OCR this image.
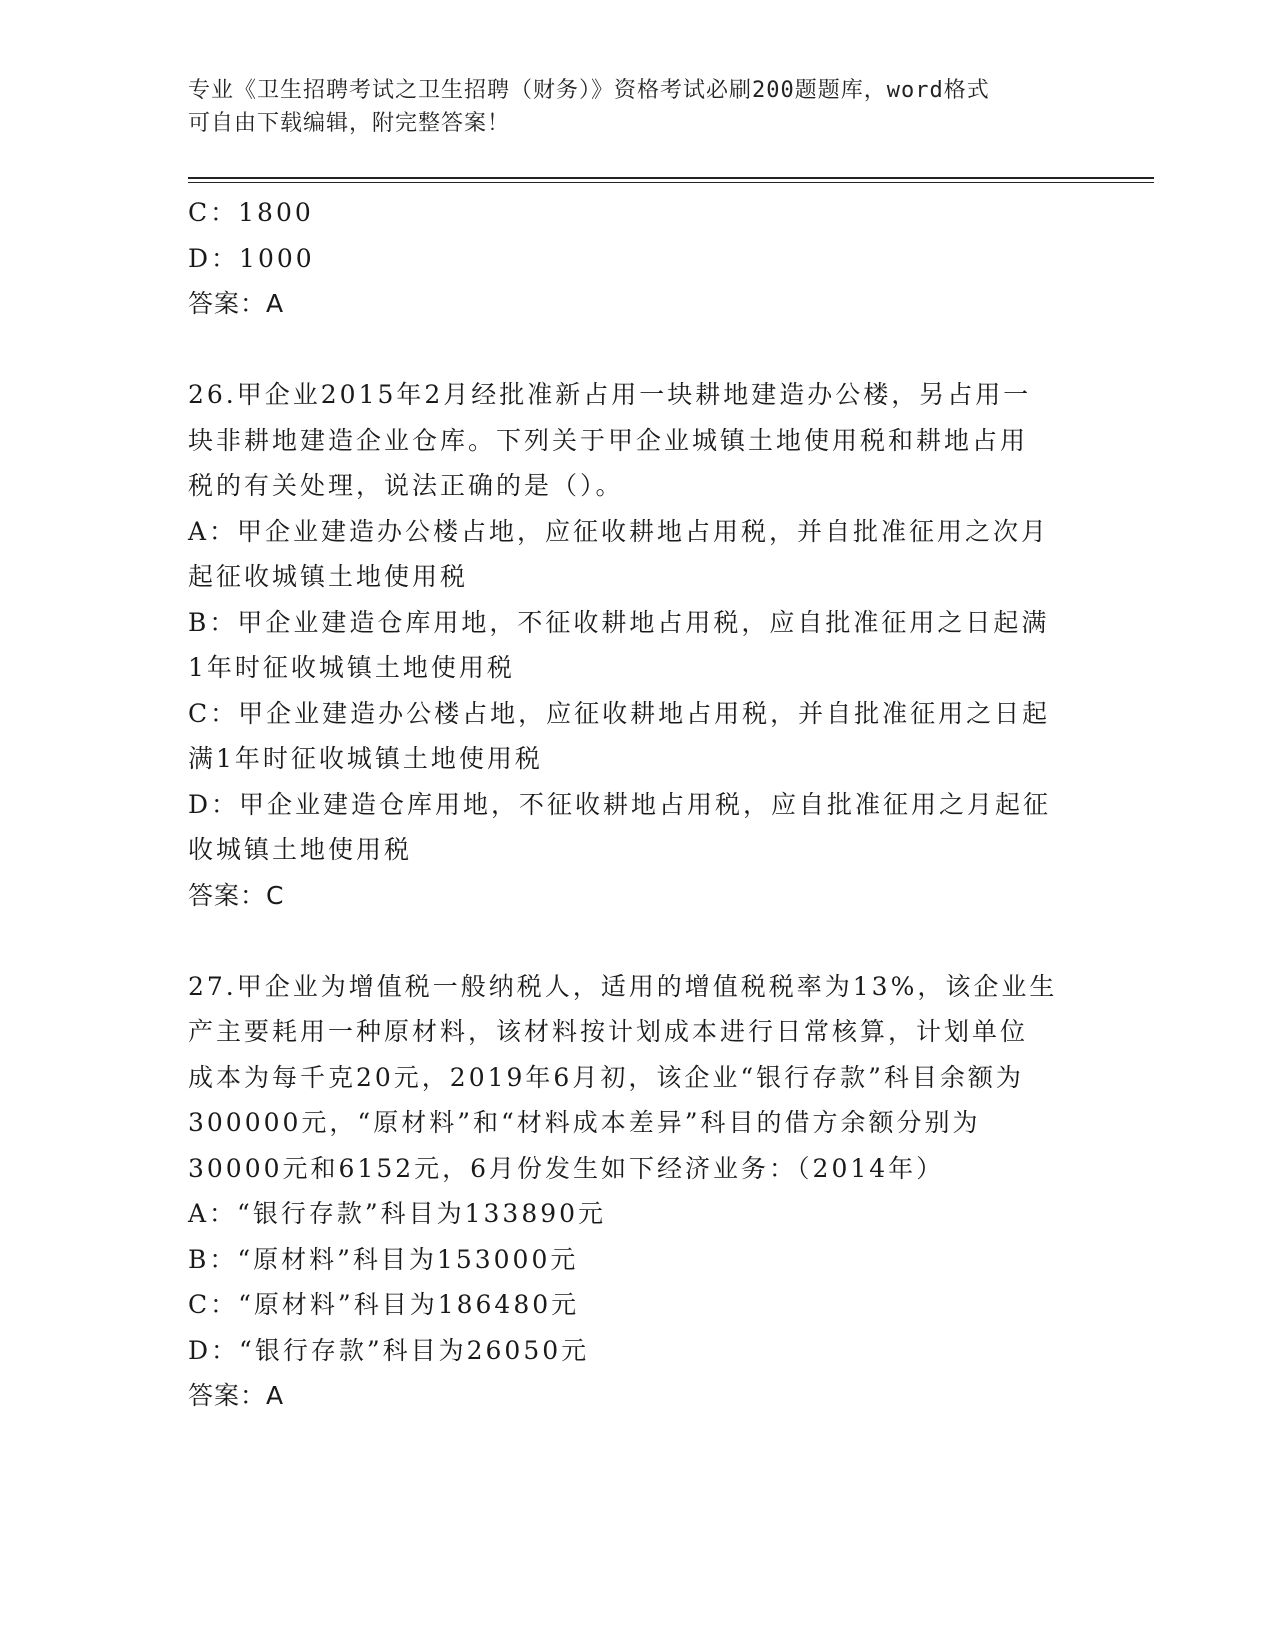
专业《卫生招聘考试之卫生招聘（财务）》资格考试必刷200题题库，word格式
可自由下载编辑，附完整答案！

C：1800

D：1000

答案：A

26.甲企业2015年2月经批准新占用一块耕地建造办公楼，另占用一

块非耕地建造企业仓库。下列关于甲企业城镇土地使用税和耕地占用

税的有关处理，说法正确的是（）。

A：甲企业建造办公楼占地，应征收耕地占用税，并自批准征用之次月

起征收城镇土地使用税

B：甲企业建造仓库用地，不征收耕地占用税，应自批准征用之日起满

1年时征收城镇土地使用税

C：甲企业建造办公楼占地，应征收耕地占用税，并自批准征用之日起

满1年时征收城镇土地使用税

D：甲企业建造仓库用地，不征收耕地占用税，应自批准征用之月起征

收城镇土地使用税

答案：C

27.甲企业为增值税一般纳税人，适用的增值税税率为13%，该企业生

产主要耗用一种原材料，该材料按计划成本进行日常核算，计划单位

成本为每千克20元，2019年6月初，该企业“银行存款”科目余额为

300000元，“原材料”和“材料成本差异”科目的借方余额分别为

30000元和6152元，6月份发生如下经济业务：（2014年）

A：“银行存款”科目为133890元

B：“原材料”科目为153000元

C：“原材料”科目为186480元

D：“银行存款”科目为26050元

答案：A
